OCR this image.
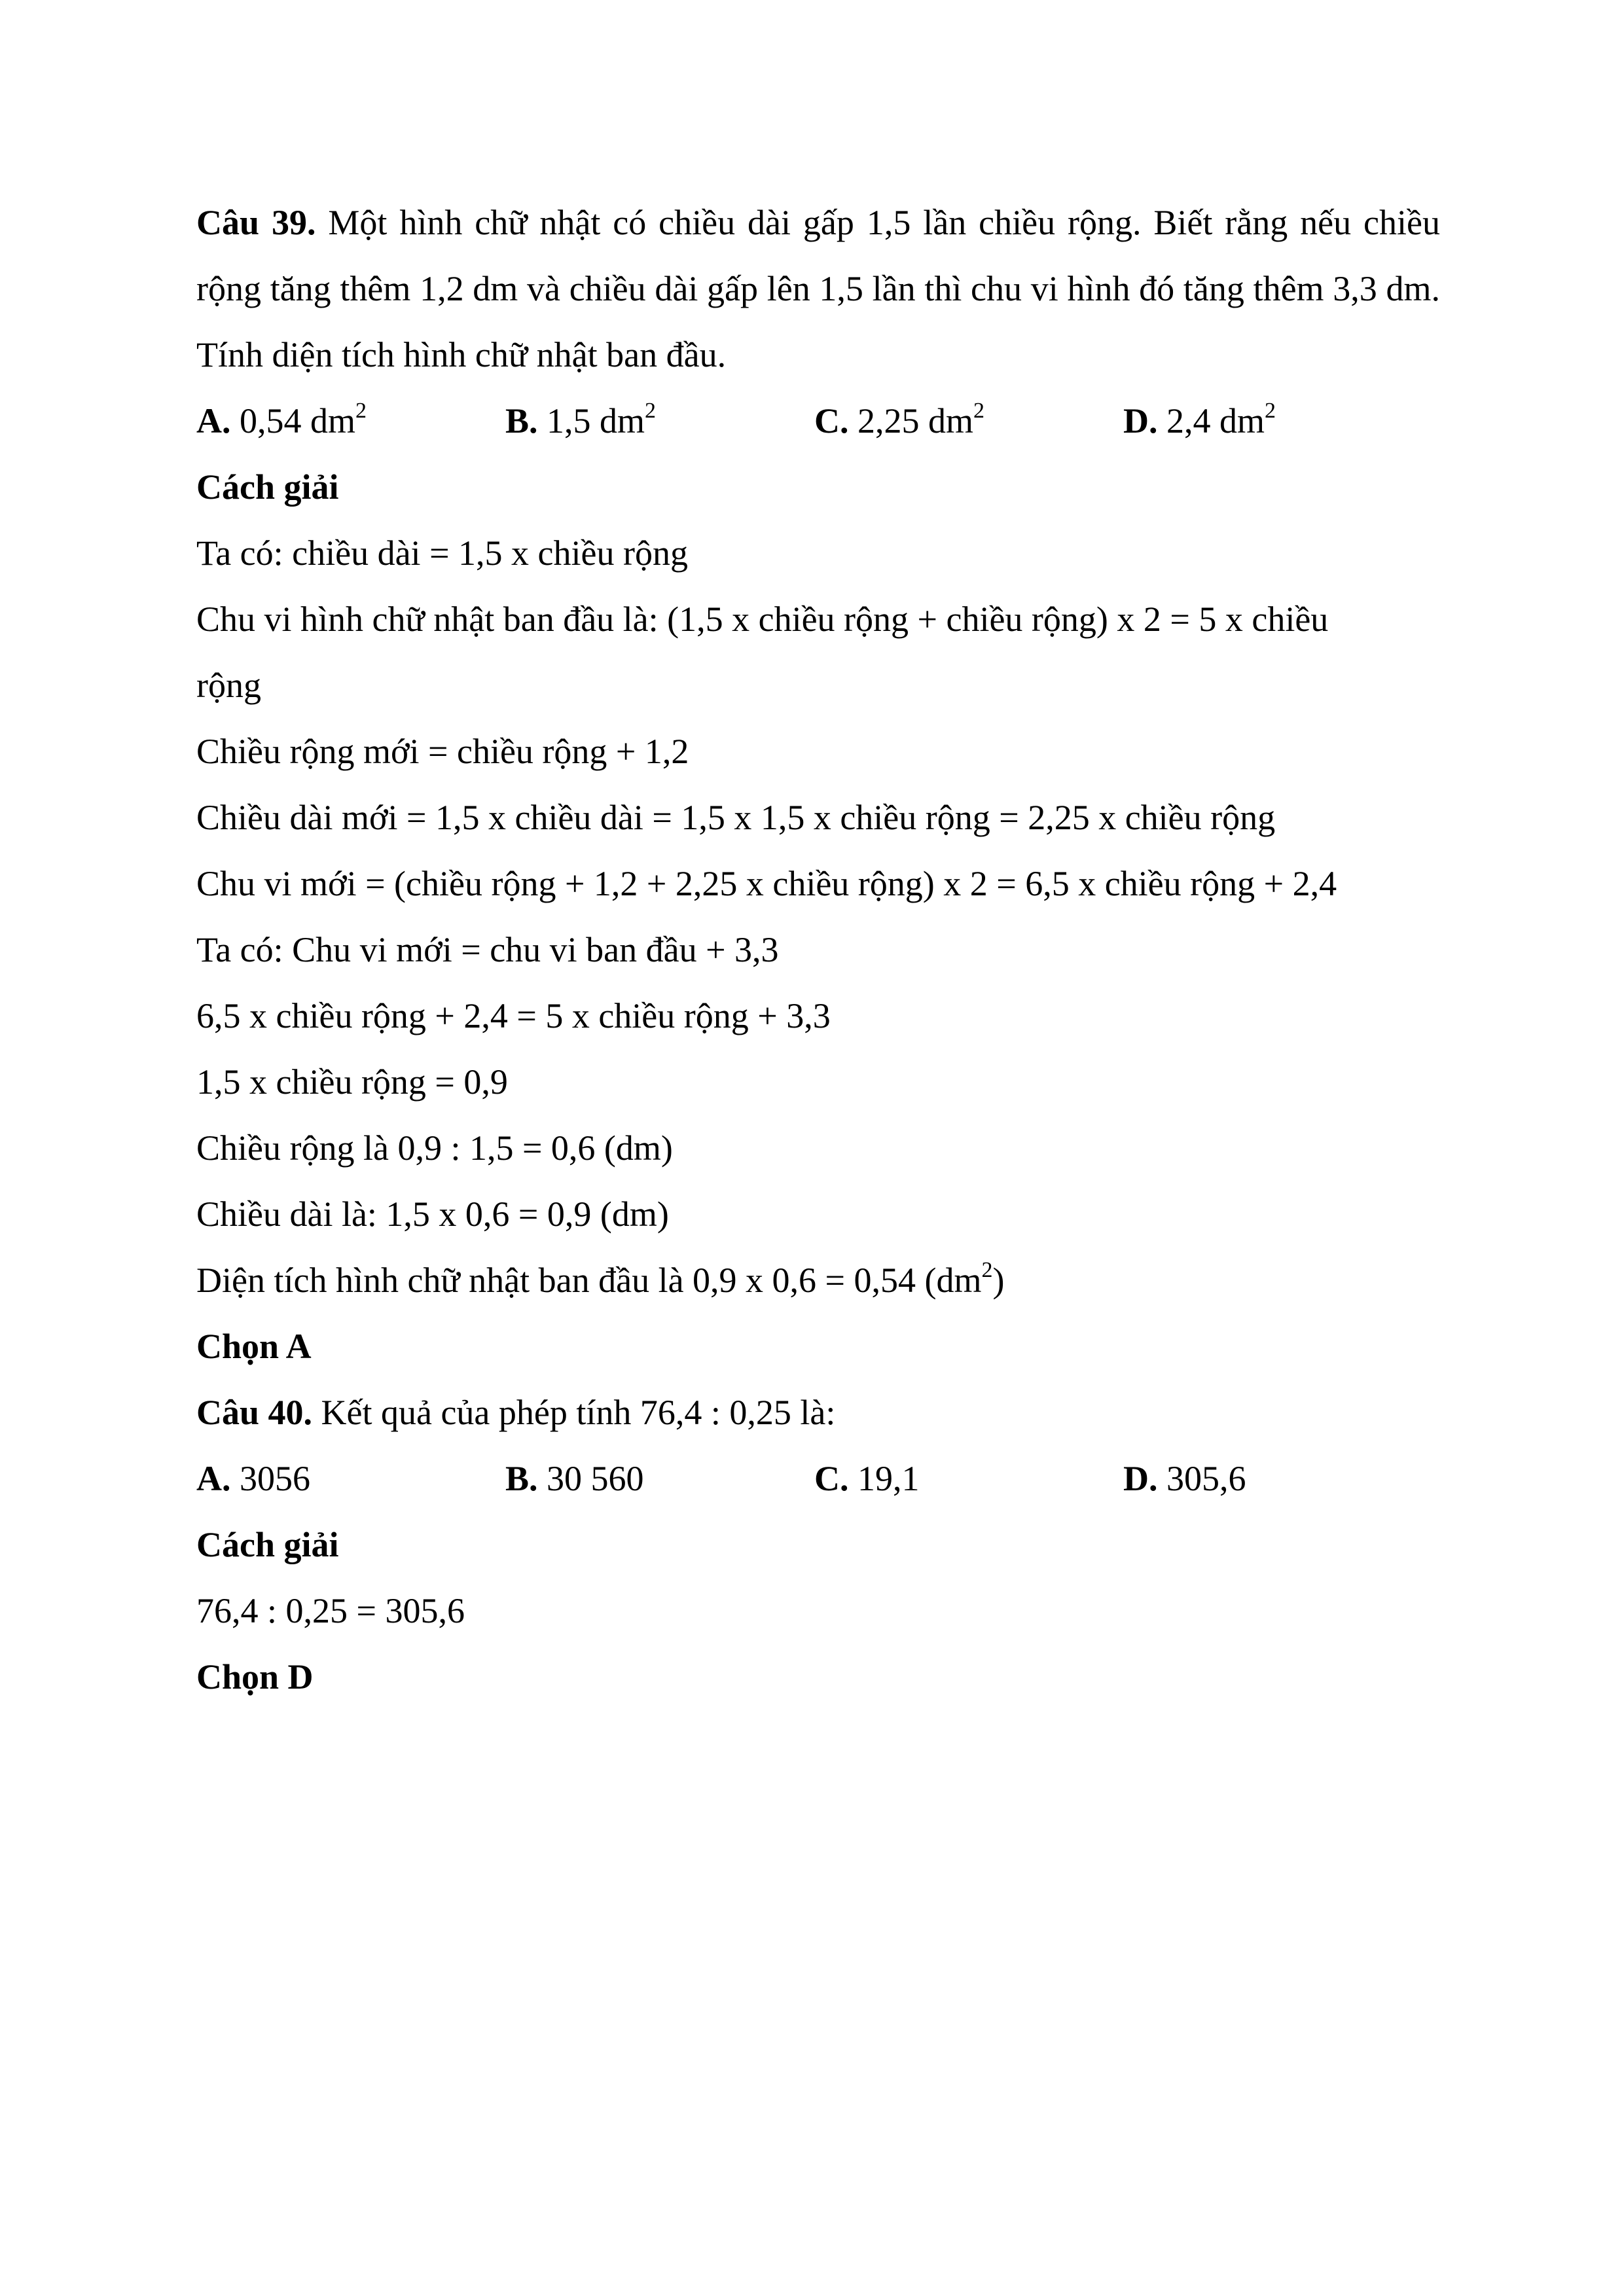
Câu 39. Một hình chữ nhật có chiều dài gấp 1,5 lần chiều rộng. Biết rằng nếu chiều rộng tăng thêm 1,2 dm và chiều dài gấp lên 1,5 lần thì chu vi hình đó tăng thêm 3,3 dm. Tính diện tích hình chữ nhật ban đầu.
A. 0,54 $dm^2$	B. 1,5 $dm^2$	C. 2,25 $dm^2$	D. 2,4 $dm^2$
Cách giải
Ta có: chiều dài = 1,5 x chiều rộng
Chu vi hình chữ nhật ban đầu là: (1,5 x chiều rộng + chiều rộng) x 2 = 5 x chiều
rộng
Chiều rộng mới = chiều rộng + 1,2
Chiều dài mới = 1,5 x chiều dài = 1,5 x 1,5 x chiều rộng = 2,25 x chiều rộng
Chu vi mới = (chiều rộng + 1,2 + 2,25 x chiều rộng) x 2 = 6,5 x chiều rộng + 2,4
Ta có: Chu vi mới = chu vi ban đầu + 3,3
6,5 x chiều rộng + 2,4 = 5 x chiều rộng + 3,3
1,5 x chiều rộng = 0,9
Chiều rộng là 0,9 : 1,5 = 0,6 (dm)
Chiều dài là: 1,5 x 0,6 = 0,9 (dm)
Diện tích hình chữ nhật ban đầu là 0,9 x 0,6 = 0,54 $(dm^2)$
Chọn A
Câu 40. Kết quả của phép tính 76,4 : 0,25 là:
A. 3056	B. 30 560	C. 19,1	D. 305,6
Cách giải
76,4 : 0,25 = 305,6
Chọn D
